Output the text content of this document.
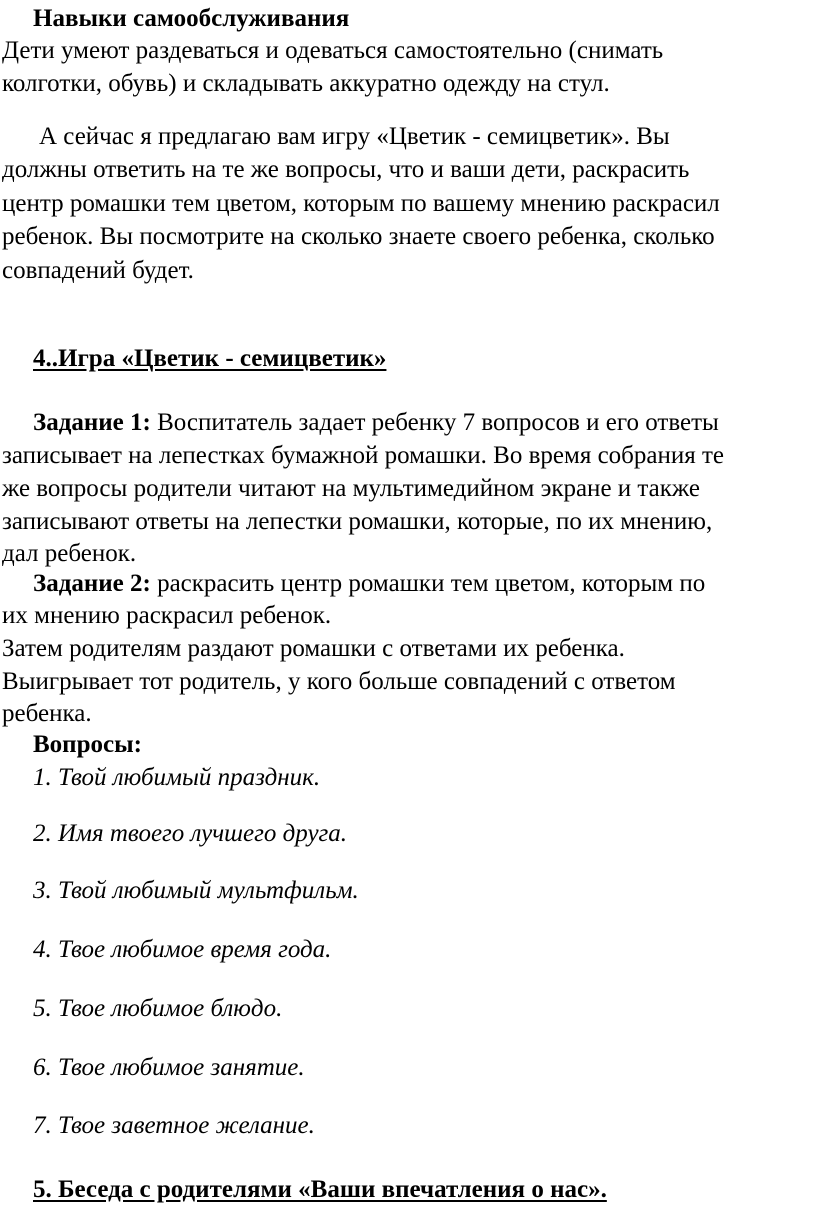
Навыки самообслуживания
Дети умеют раздеваться и одеваться самостоятельно (снимать
колготки, обувь) и складывать аккуратно одежду на стул.
А сейчас я предлагаю вам игру «Цветик - семицветик». Вы
должны ответить на те же вопросы, что и ваши дети, раскрасить
центр ромашки тем цветом, которым по вашему мнению раскрасил
ребенок. Вы посмотрите на сколько знаете своего ребенка, сколько
совпадений будет.
4..Игра «Цветик - семицветик»
Задание 1: Воспитатель задает ребенку 7 вопросов и его ответы
записывает на лепестках бумажной ромашки. Во время собрания те
же вопросы родители читают на мультимедийном экране и также
записывают ответы на лепестки ромашки, которые, по их мнению,
дал ребенок.
Задание 2: раскрасить центр ромашки тем цветом, которым по
их мнению раскрасил ребенок.
Затем родителям раздают ромашки с ответами их ребенка.
Выигрывает тот родитель, у кого больше совпадений с ответом
ребенка.
Вопросы:
1. Твой любимый праздник.
2. Имя твоего лучшего друга.
3. Твой любимый мультфильм.
4. Твое любимое время года.
5. Твое любимое блюдо.
6. Твое любимое занятие.
7. Твое заветное желание.
5. Беседа с родителями «Ваши впечатления о нас».
